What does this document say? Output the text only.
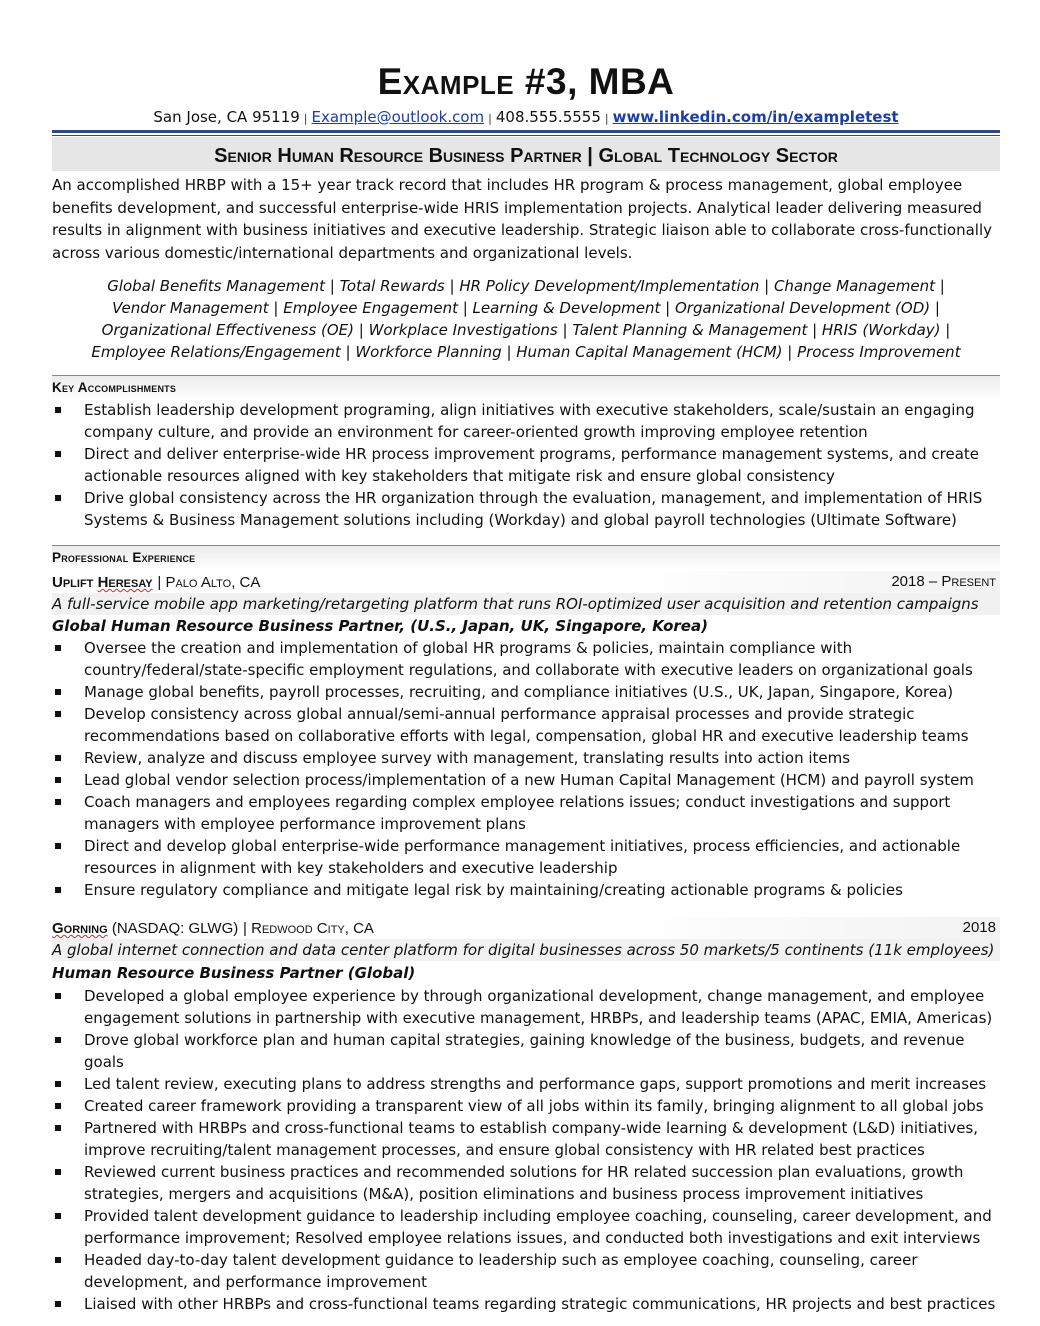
Example #3, MBA
San Jose, CA 95119 | Example@outlook.com | 408.555.5555 | www.linkedin.com/in/exampletest
Senior Human Resource Business Partner | Global Technology Sector
An accomplished HRBP with a 15+ year track record that includes HR program & process management, global employee benefits development, and successful enterprise-wide HRIS implementation projects. Analytical leader delivering measured results in alignment with business initiatives and executive leadership. Strategic liaison able to collaborate cross-functionally across various domestic/international departments and organizational levels.
Global Benefits Management | Total Rewards | HR Policy Development/Implementation | Change Management |
Vendor Management | Employee Engagement | Learning & Development | Organizational Development (OD) |
Organizational Effectiveness (OE) | Workplace Investigations | Talent Planning & Management | HRIS (Workday) |
Employee Relations/Engagement | Workforce Planning | Human Capital Management (HCM) | Process Improvement
Key Accomplishments
Establish leadership development programing, align initiatives with executive stakeholders, scale/sustain an engaging company culture, and provide an environment for career-oriented growth improving employee retention
Direct and deliver enterprise-wide HR process improvement programs, performance management systems, and create actionable resources aligned with key stakeholders that mitigate risk and ensure global consistency
Drive global consistency across the HR organization through the evaluation, management, and implementation of HRIS Systems & Business Management solutions including (Workday) and global payroll technologies (Ultimate Software)
Professional Experience
Uplift Heresay | Palo Alto, CA	2018 – Present
A full-service mobile app marketing/retargeting platform that runs ROI-optimized user acquisition and retention campaigns
Global Human Resource Business Partner, (U.S., Japan, UK, Singapore, Korea)
Oversee the creation and implementation of global HR programs & policies, maintain compliance with country/federal/state-specific employment regulations, and collaborate with executive leaders on organizational goals
Manage global benefits, payroll processes, recruiting, and compliance initiatives (U.S., UK, Japan, Singapore, Korea)
Develop consistency across global annual/semi-annual performance appraisal processes and provide strategic recommendations based on collaborative efforts with legal, compensation, global HR and executive leadership teams
Review, analyze and discuss employee survey with management, translating results into action items
Lead global vendor selection process/implementation of a new Human Capital Management (HCM) and payroll system
Coach managers and employees regarding complex employee relations issues; conduct investigations and support managers with employee performance improvement plans
Direct and develop global enterprise-wide performance management initiatives, process efficiencies, and actionable resources in alignment with key stakeholders and executive leadership
Ensure regulatory compliance and mitigate legal risk by maintaining/creating actionable programs & policies
Gorning (NASDAQ: GLWG) | Redwood City, CA	2018
A global internet connection and data center platform for digital businesses across 50 markets/5 continents (11k employees)
Human Resource Business Partner (Global)
Developed a global employee experience by through organizational development, change management, and employee engagement solutions in partnership with executive management, HRBPs, and leadership teams (APAC, EMIA, Americas)
Drove global workforce plan and human capital strategies, gaining knowledge of the business, budgets, and revenue goals
Led talent review, executing plans to address strengths and performance gaps, support promotions and merit increases
Created career framework providing a transparent view of all jobs within its family, bringing alignment to all global jobs
Partnered with HRBPs and cross-functional teams to establish company-wide learning & development (L&D) initiatives, improve recruiting/talent management processes, and ensure global consistency with HR related best practices
Reviewed current business practices and recommended solutions for HR related succession plan evaluations, growth strategies, mergers and acquisitions (M&A), position eliminations and business process improvement initiatives
Provided talent development guidance to leadership including employee coaching, counseling, career development, and performance improvement; Resolved employee relations issues, and conducted both investigations and exit interviews
Headed day-to-day talent development guidance to leadership such as employee coaching, counseling, career development, and performance improvement
Liaised with other HRBPs and cross-functional teams regarding strategic communications, HR projects and best practices
